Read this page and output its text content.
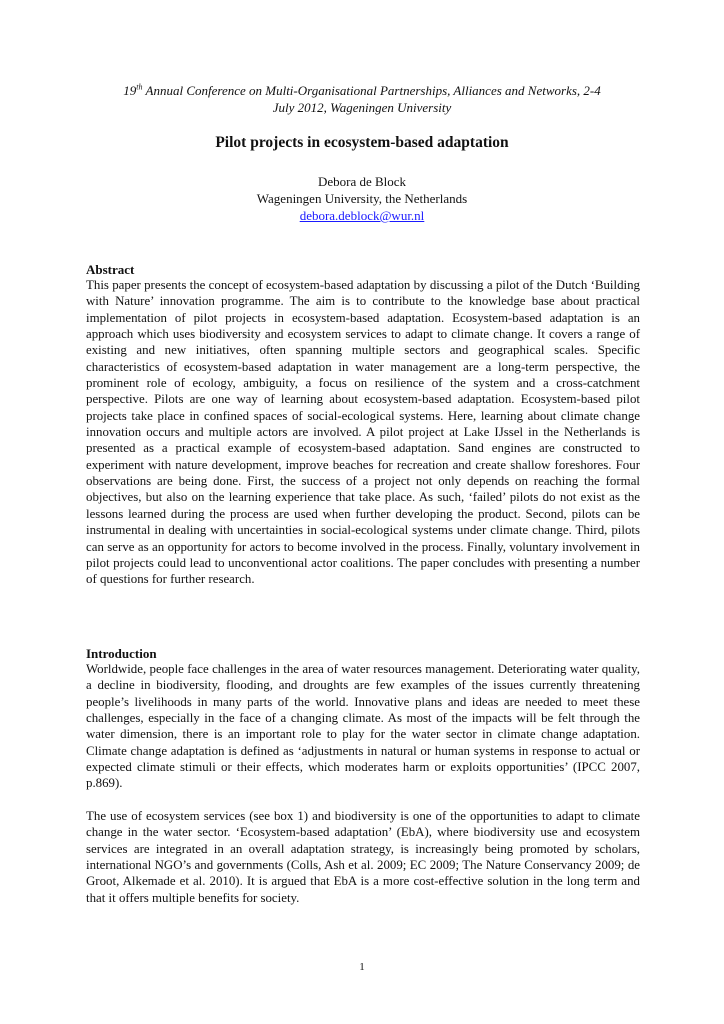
19th Annual Conference on Multi-Organisational Partnerships, Alliances and Networks, 2-4
July 2012, Wageningen University
Pilot projects in ecosystem-based adaptation
Debora de Block
Wageningen University, the Netherlands
debora.deblock@wur.nl
Abstract

This paper presents the concept of ecosystem-based adaptation by discussing a pilot of the Dutch ‘Building with Nature’ innovation programme. The aim is to contribute to the knowledge base about practical implementation of pilot projects in ecosystem-based adaptation. Ecosystem-based adaptation is an approach which uses biodiversity and ecosystem services to adapt to climate change. It covers a range of existing and new initiatives, often spanning multiple sectors and geographical scales. Specific characteristics of ecosystem-based adaptation in water management are a long-term perspective, the prominent role of ecology, ambiguity, a focus on resilience of the system and a cross-catchment perspective. Pilots are one way of learning about ecosystem-based adaptation. Ecosystem-based pilot projects take place in confined spaces of social-ecological systems. Here, learning about climate change innovation occurs and multiple actors are involved. A pilot project at Lake IJssel in the Netherlands is presented as a practical example of ecosystem-based adaptation. Sand engines are constructed to experiment with nature development, improve beaches for recreation and create shallow foreshores. Four observations are being done. First, the success of a project not only depends on reaching the formal objectives, but also on the learning experience that take place. As such, ‘failed’ pilots do not exist as the lessons learned during the process are used when further developing the product. Second, pilots can be instrumental in dealing with uncertainties in social-ecological systems under climate change. Third, pilots can serve as an opportunity for actors to become involved in the process. Finally, voluntary involvement in pilot projects could lead to unconventional actor coalitions. The paper concludes with presenting a number of questions for further research.

Introduction

Worldwide, people face challenges in the area of water resources management. Deteriorating water quality, a decline in biodiversity, flooding, and droughts are few examples of the issues currently threatening people’s livelihoods in many parts of the world. Innovative plans and ideas are needed to meet these challenges, especially in the face of a changing climate. As most of the impacts will be felt through the water dimension, there is an important role to play for the water sector in climate change adaptation. Climate change adaptation is defined as ‘adjustments in natural or human systems in response to actual or expected climate stimuli or their effects, which moderates harm or exploits opportunities’ (IPCC 2007, p.869).

The use of ecosystem services (see box 1) and biodiversity is one of the opportunities to adapt to climate change in the water sector. ‘Ecosystem-based adaptation’ (EbA), where biodiversity use and ecosystem services are integrated in an overall adaptation strategy, is increasingly being promoted by scholars, international NGO’s and governments (Colls, Ash et al. 2009; EC 2009; The Nature Conservancy 2009; de Groot, Alkemade et al. 2010). It is argued that EbA is a more cost-effective solution in the long term and that it offers multiple benefits for society.

1
